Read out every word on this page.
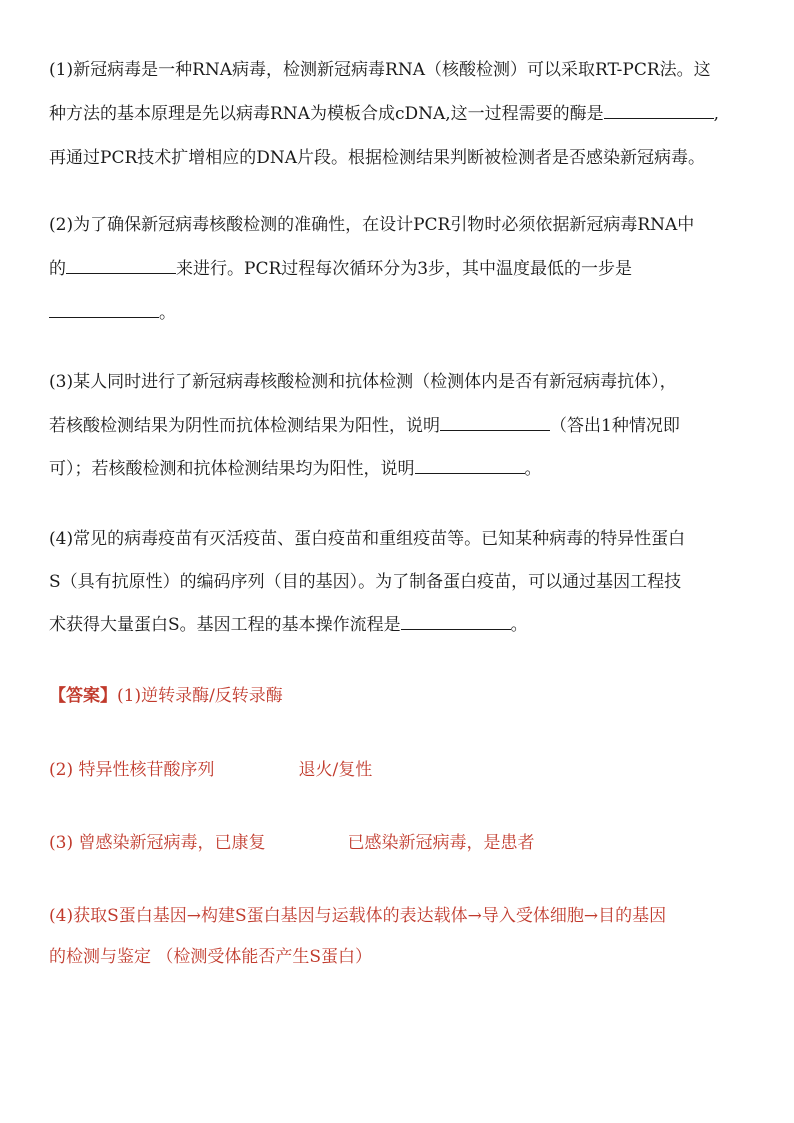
(1)新冠病毒是一种RNA病毒，检测新冠病毒RNA（核酸检测）可以采取RT-PCR法。这
种方法的基本原理是先以病毒RNA为模板合成cDNA,这一过程需要的酶是	,
再通过PCR技术扩增相应的DNA片段。根据检测结果判断被检测者是否感染新冠病毒。
(2)为了确保新冠病毒核酸检测的准确性，在设计PCR引物时必须依据新冠病毒RNA中
的	来进行。PCR过程每次循环分为3步，其中温度最低的一步是
。
(3)某人同时进行了新冠病毒核酸检测和抗体检测（检测体内是否有新冠病毒抗体），
若核酸检测结果为阴性而抗体检测结果为阳性，说明	（答出1种情况即
可）；若核酸检测和抗体检测结果均为阳性，说明	。
(4)常见的病毒疫苗有灭活疫苗、蛋白疫苗和重组疫苗等。已知某种病毒的特异性蛋白
S（具有抗原性）的编码序列（目的基因）。为了制备蛋白疫苗，可以通过基因工程技
术获得大量蛋白S。基因工程的基本操作流程是	。
【答案】(1)逆转录酶/反转录酶
(2) 特异性核苷酸序列	退火/复性
(3) 曾感染新冠病毒，已康复	已感染新冠病毒，是患者
(4)获取S蛋白基因→构建S蛋白基因与运载体的表达载体→导入受体细胞→目的基因
的检测与鉴定 （检测受体能否产生S蛋白）
